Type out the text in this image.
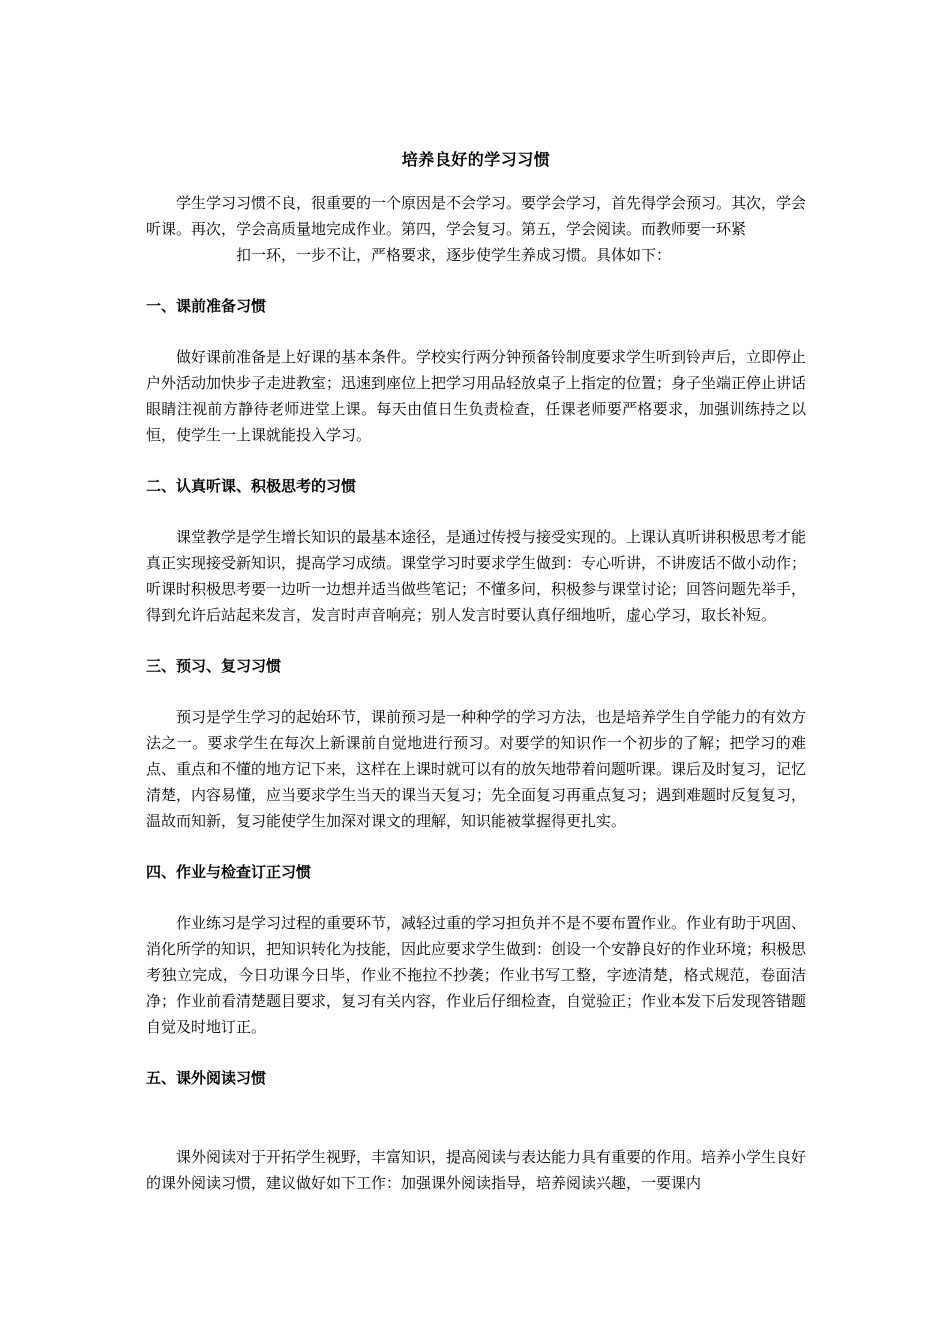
培养良好的学习习惯

学生学习习惯不良，很重要的一个原因是不会学习。要学会学习，首先得学会预习。其次，学会听课。再次，学会高质量地完成作业。第四，学会复习。第五，学会阅读。而教师要一环紧

扣一环，一步不让，严格要求，逐步使学生养成习惯。具体如下：

一、课前准备习惯

做好课前准备是上好课的基本条件。学校实行两分钟预备铃制度要求学生听到铃声后，立即停止户外活动加快步子走进教室；迅速到座位上把学习用品轻放桌子上指定的位置；身子坐端正停止讲话眼睛注视前方静待老师进堂上课。每天由值日生负责检查，任课老师要严格要求，加强训练持之以恒，使学生一上课就能投入学习。

二、认真听课、积极思考的习惯

课堂教学是学生增长知识的最基本途径，是通过传授与接受实现的。上课认真听讲积极思考才能真正实现接受新知识，提高学习成绩。课堂学习时要求学生做到：专心听讲，不讲废话不做小动作；听课时积极思考要一边听一边想并适当做些笔记；不懂多问，积极参与课堂讨论；回答问题先举手，得到允许后站起来发言，发言时声音响亮；别人发言时要认真仔细地听，虚心学习，取长补短。

三、预习、复习习惯

预习是学生学习的起始环节，课前预习是一种种学的学习方法，也是培养学生自学能力的有效方法之一。要求学生在每次上新课前自觉地进行预习。对要学的知识作一个初步的了解；把学习的难点、重点和不懂的地方记下来，这样在上课时就可以有的放矢地带着问题听课。课后及时复习，记忆清楚，内容易懂，应当要求学生当天的课当天复习；先全面复习再重点复习；遇到难题时反复复习，温故而知新，复习能使学生加深对课文的理解，知识能被掌握得更扎实。

四、作业与检查订正习惯

作业练习是学习过程的重要环节，减轻过重的学习担负并不是不要布置作业。作业有助于巩固、消化所学的知识，把知识转化为技能，因此应要求学生做到：创设一个安静良好的作业环境；积极思考独立完成，今日功课今日毕，作业不拖拉不抄袭；作业书写工整，字迹清楚，格式规范，卷面洁净；作业前看清楚题目要求，复习有关内容，作业后仔细检查，自觉验正；作业本发下后发现答错题自觉及时地订正。

五、课外阅读习惯

课外阅读对于开拓学生视野，丰富知识，提高阅读与表达能力具有重要的作用。培养小学生良好的课外阅读习惯，建议做好如下工作：加强课外阅读指导，培养阅读兴趣，一要课内
